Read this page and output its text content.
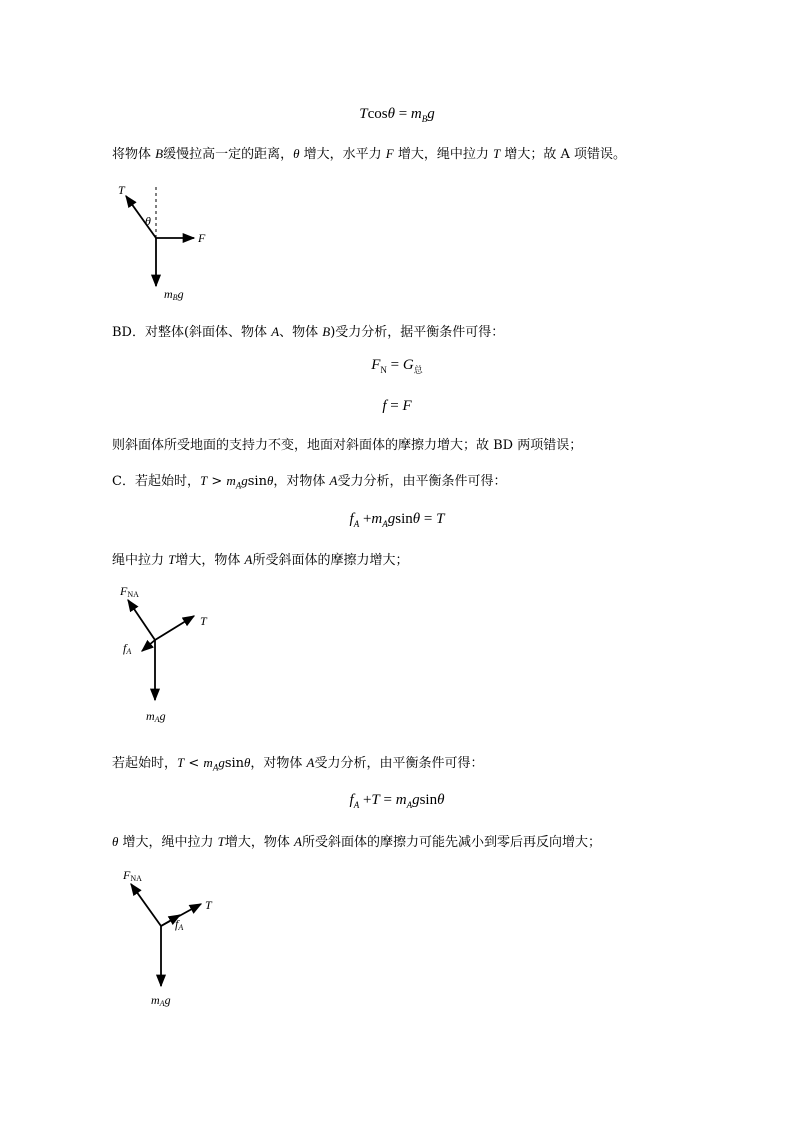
$Tcos\theta = m_Bg$
将物体 B缓慢拉高一定的距离，θ 增大，水平力 F 增大，绳中拉力 T 增大；故 A 项错误。
T
θ
F
mBg
BD．对整体(斜面体、物体 A、物体 B)受力分析，据平衡条件可得：
$F_N = G_总$
f = F
则斜面体所受地面的支持力不变，地面对斜面体的摩擦力增大；故 BD 两项错误；
C．若起始时，$T > m_Agsin\theta$，对物体 A受力分析，由平衡条件可得：
$f_A +m_Agsin\theta = T$
绳中拉力 T增大，物体 A所受斜面体的摩擦力增大；
FNA
T
fA
mAg
若起始时，$T < m_Agsin\theta$，对物体 A受力分析，由平衡条件可得：
$f_A +T = m_Agsin\theta$
θ 增大，绳中拉力 T增大，物体 A所受斜面体的摩擦力可能先减小到零后再反向增大；
FNA
T
fA
mAg
